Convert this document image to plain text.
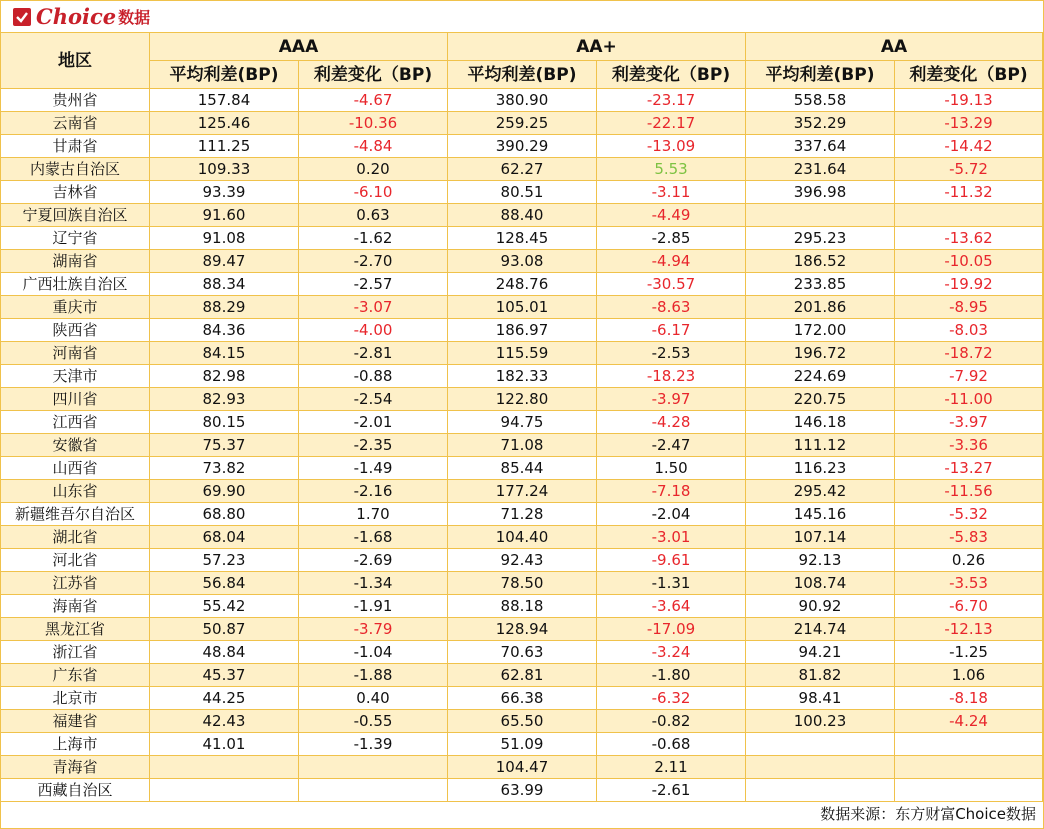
Choice 数据
地区	AAA		AA+		AA	
	平均利差(BP)	利差变化（BP)	平均利差(BP)	利差变化（BP)	平均利差(BP)	利差变化（BP)
贵州省	157.84	-4.67	380.90	-23.17	558.58	-19.13
云南省	125.46	-10.36	259.25	-22.17	352.29	-13.29
甘肃省	111.25	-4.84	390.29	-13.09	337.64	-14.42
内蒙古自治区	109.33	0.20	62.27	5.53	231.64	-5.72
吉林省	93.39	-6.10	80.51	-3.11	396.98	-11.32
宁夏回族自治区	91.60	0.63	88.40	-4.49		
辽宁省	91.08	-1.62	128.45	-2.85	295.23	-13.62
湖南省	89.47	-2.70	93.08	-4.94	186.52	-10.05
广西壮族自治区	88.34	-2.57	248.76	-30.57	233.85	-19.92
重庆市	88.29	-3.07	105.01	-8.63	201.86	-8.95
陕西省	84.36	-4.00	186.97	-6.17	172.00	-8.03
河南省	84.15	-2.81	115.59	-2.53	196.72	-18.72
天津市	82.98	-0.88	182.33	-18.23	224.69	-7.92
四川省	82.93	-2.54	122.80	-3.97	220.75	-11.00
江西省	80.15	-2.01	94.75	-4.28	146.18	-3.97
安徽省	75.37	-2.35	71.08	-2.47	111.12	-3.36
山西省	73.82	-1.49	85.44	1.50	116.23	-13.27
山东省	69.90	-2.16	177.24	-7.18	295.42	-11.56
新疆维吾尔自治区	68.80	1.70	71.28	-2.04	145.16	-5.32
湖北省	68.04	-1.68	104.40	-3.01	107.14	-5.83
河北省	57.23	-2.69	92.43	-9.61	92.13	0.26
江苏省	56.84	-1.34	78.50	-1.31	108.74	-3.53
海南省	55.42	-1.91	88.18	-3.64	90.92	-6.70
黑龙江省	50.87	-3.79	128.94	-17.09	214.74	-12.13
浙江省	48.84	-1.04	70.63	-3.24	94.21	-1.25
广东省	45.37	-1.88	62.81	-1.80	81.82	1.06
北京市	44.25	0.40	66.38	-6.32	98.41	-8.18
福建省	42.43	-0.55	65.50	-0.82	100.23	-4.24
上海市	41.01	-1.39	51.09	-0.68		
青海省			104.47	2.11		
西藏自治区			63.99	-2.61		
数据来源：东方财富Choice数据
